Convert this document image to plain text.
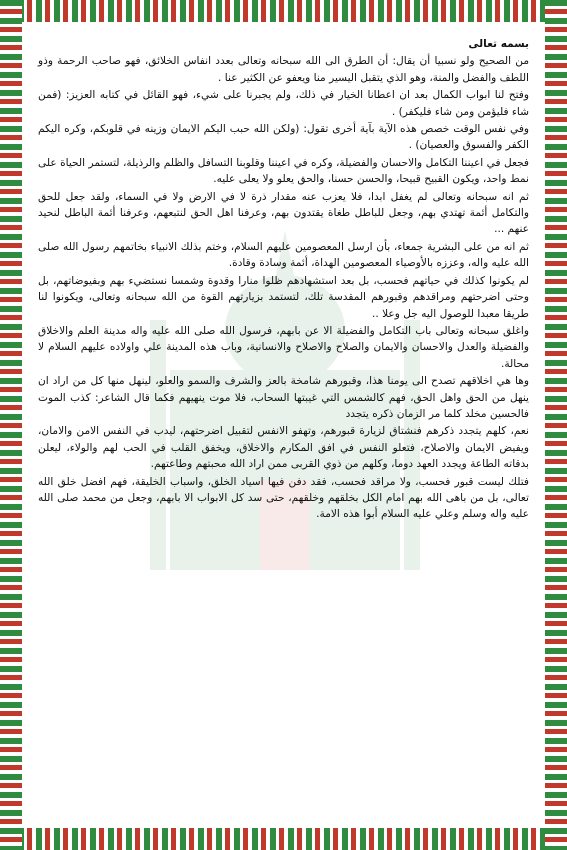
بسمه تعالى

من الصحيح ولو نسبيا أن يقال: أن الطرق الى الله سبحانه وتعالى بعدد انفاس الخلائق، فهو صاحب الرحمة وذو اللطف والفضل والمنة، وهو الذي يتقبل اليسير منا ويعفو عن الكثير عنا .

وفتح لنا ابواب الكمال بعد ان اعطانا الخيار في ذلك، ولم يجبرنا على شيء، فهو القائل في كتابه العزيز: (فمن شاء فليؤمن ومن شاء فليكفر) .

وفي نفس الوقت خصص هذه الآية بآية أخرى تقول: (ولكن الله حبب اليكم الايمان وزينه في قلوبكم، وكره اليكم الكفر والفسوق والعصيان) .

فجعل في اعيننا التكامل والاحسان والفضيلة، وكره في اعيننا وقلوبنا التسافل والظلم والرذيلة، لتستمر الحياة على نمط واحد، ويكون القبيح قبيحا، والحسن حسنا، والحق يعلو ولا يعلى عليه.

ثم انه سبحانه وتعالى لم يغفل ابدا، فلا يعزب عنه مقدار ذرة لا في الارض ولا في السماء، ولقد جعل للحق والتكامل أئمة تهتدي بهم، وجعل للباطل طغاة يقتدون بهم، وعرفنا اهل الحق لنتبعهم، وعرفنا أئمة الباطل لنحيد عنهم ...

ثم انه من على البشرية جمعاء، بأن ارسل المعصومين عليهم السلام، وختم بذلك الانبياء بخاتمهم رسول الله صلى الله عليه واله، وعززه بالأوصياء المعصومين الهداة، أئمة وسادة وقادة.

لم يكونوا كذلك في حياتهم فحسب، بل بعد استشهادهم ظلوا منارا وقدوة وشمسا نستضيء بهم وبفيوضاتهم، بل وحتى اضرحتهم ومراقدهم وقبورهم المقدسة تلك، لتستمد بزيارتهم القوة من الله سبحانه وتعالى، ويكونوا لنا طريقا معبدا للوصول اليه جل وعلا ..

واغلق سبحانه وتعالى باب التكامل والفضيلة الا عن بابهم، فرسول الله صلى الله عليه واله مدينة العلم والاخلاق والفضيلة والعدل والاحسان والايمان والصلاح والاصلاح والانسانية، وباب هذه المدينة علي واولاده عليهم السلام لا محالة.

وها هي اخلاقهم تصدح الى يومنا هذا، وقبورهم شامخة بالعز والشرف والسمو والعلو، لينهل منها كل من اراد ان ينهل من الحق واهل الحق، فهم كالشمس التي غيبتها السحاب، فلا موت ينهيهم فكما قال الشاعر: كذب الموت فالحسين مخلد كلما مر الزمان ذكره يتجدد

نعم، كلهم يتجدد ذكرهم فنشتاق لزيارة قبورهم، وتهفو الانفس لتقبيل اضرحتهم، ليدب في النفس الامن والامان، ويفيض الايمان والاصلاح، فتعلو النفس في افق المكارم والاخلاق، ويخفق القلب في الحب لهم والولاء، ليعلن بدقاته الطاعة ويجدد العهد دوما، وكلهم من ذوي القربى ممن اراد الله محبتهم وطاعتهم.

فتلك ليست قبور فحسب، ولا مراقد فحسب، فقد دفن فيها اسياد الخلق، واسباب الخليقة، فهم افضل خلق الله تعالى، بل من باهى الله بهم امام الكل بخلقهم وخلقهم، حتى سد كل الابواب الا بابهم، وجعل من محمد صلى الله عليه واله وسلم وعلي عليه السلام أبوا هذه الامة.
